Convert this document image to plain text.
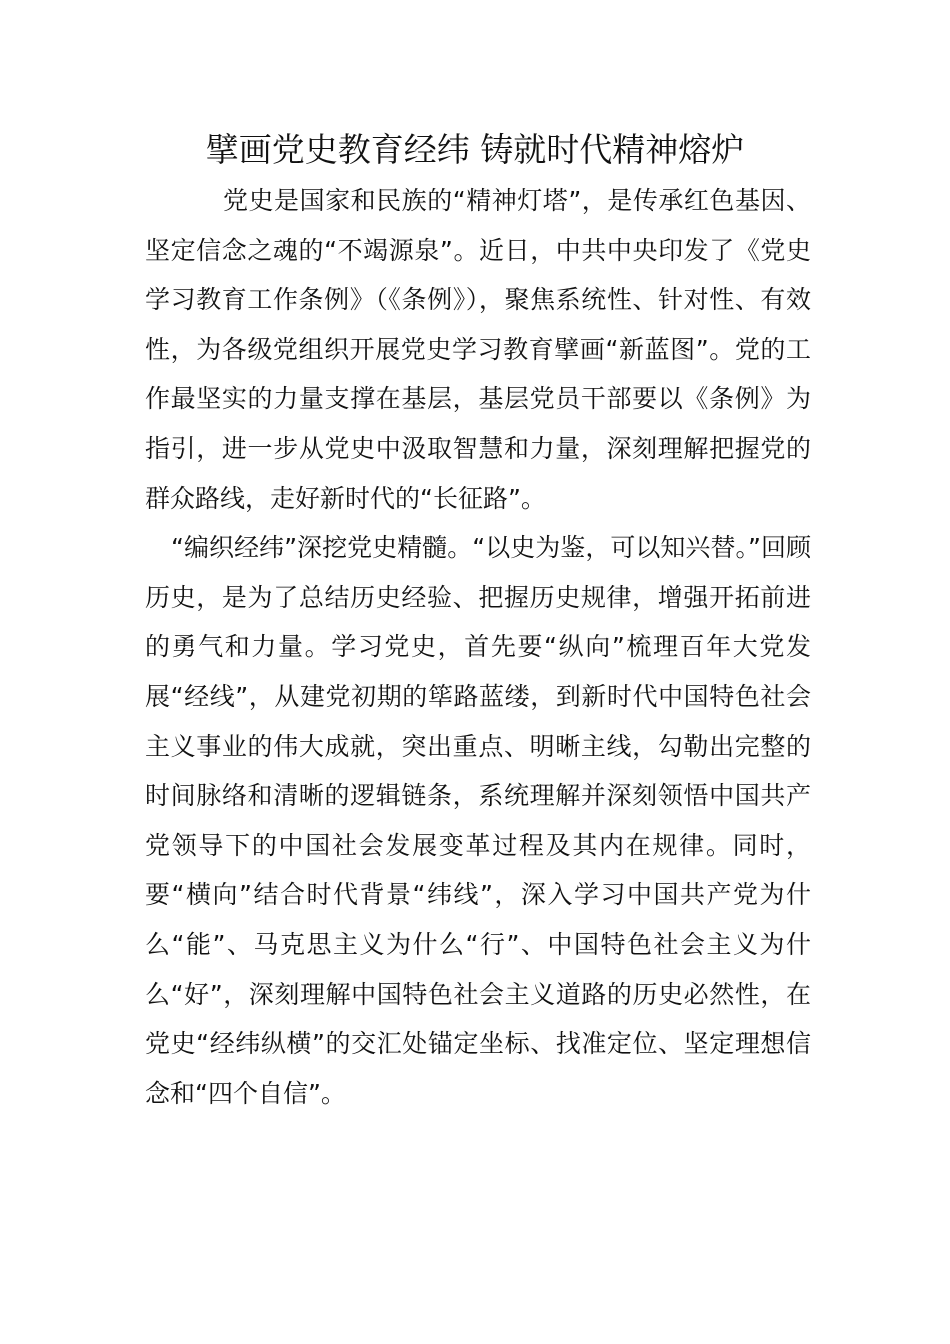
擘画党史教育经纬 铸就时代精神熔炉

党史是国家和民族的“精神灯塔”，是传承红色基因、坚定信念之魂的“不竭源泉”。近日，中共中央印发了《党史学习教育工作条例》（《条例》），聚焦系统性、针对性、有效性，为各级党组织开展党史学习教育擘画“新蓝图”。党的工作最坚实的力量支撑在基层，基层党员干部要以《条例》为指引，进一步从党史中汲取智慧和力量，深刻理解把握党的群众路线，走好新时代的“长征路”。

“编织经纬”深挖党史精髓。“以史为鉴，可以知兴替。”回顾历史，是为了总结历史经验、把握历史规律，增强开拓前进的勇气和力量。学习党史，首先要“纵向”梳理百年大党发展“经线”，从建党初期的筚路蓝缕，到新时代中国特色社会主义事业的伟大成就，突出重点、明晰主线，勾勒出完整的时间脉络和清晰的逻辑链条，系统理解并深刻领悟中国共产党领导下的中国社会发展变革过程及其内在规律。同时，要“横向”结合时代背景“纬线”，深入学习中国共产党为什么“能”、马克思主义为什么“行”、中国特色社会主义为什么“好”，深刻理解中国特色社会主义道路的历史必然性，在党史“经纬纵横”的交汇处锚定坐标、找准定位、坚定理想信念和“四个自信”。
